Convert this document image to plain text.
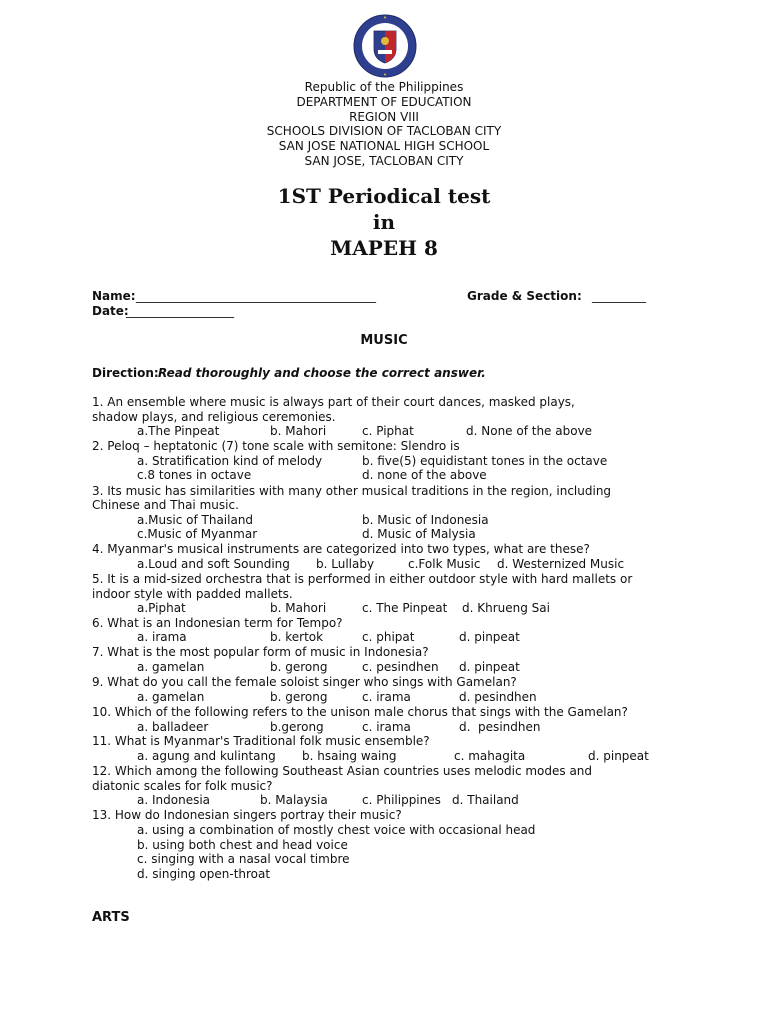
Republic of the Philippines
DEPARTMENT OF EDUCATION
REGION VIII
SCHOOLS DIVISION OF TACLOBAN CITY
SAN JOSE NATIONAL HIGH SCHOOL
SAN JOSE, TACLOBAN CITY
1ST Periodical test
in
MAPEH 8
Name: ________________________________________	Grade & Section: _________
Date:
__________________
MUSIC
Direction: Read thoroughly and choose the correct answer.
1. An ensemble where music is always part of their court dances, masked plays,
shadow plays, and religious ceremonies.
a.The Pinpeat	b. Mahori	c. Piphat	d. None of the above
2. Peloq – heptatonic (7) tone scale with semitone: Slendro is
a. Stratification kind of melody	b. five(5) equidistant tones in the octave
c.8 tones in octave	d. none of the above
3. Its music has similarities with many other musical traditions in the region, including
Chinese and Thai music.
a.Music of Thailand	b. Music of Indonesia
c.Music of Myanmar	d. Music of Malysia
4. Myanmar's musical instruments are categorized into two types, what are these?
a.Loud and soft Sounding b. Lullaby	c.Folk Music d. Westernized Music
5. It is a mid-sized orchestra that is performed in either outdoor style with hard mallets or
indoor style with padded mallets.
a.Piphat	b. Mahori	c. The Pinpeat d. Khrueng Sai
6. What is an Indonesian term for Tempo?
a. irama	b. kertok	c. phipat	d. pinpeat
7. What is the most popular form of music in Indonesia?
a. gamelan	b. gerong	c. pesindhen d. pinpeat
9. What do you call the female soloist singer who sings with Gamelan?
a. gamelan	b. gerong	c. irama	d. pesindhen
10. Which of the following refers to the unison male chorus that sings with the Gamelan?
a. balladeer	b.gerong	c. irama	d.  pesindhen
11. What is Myanmar's Traditional folk music ensemble?
a. agung and kulintang b. hsaing waing	c. mahagita	d. pinpeat
12. Which among the following Southeast Asian countries uses melodic modes and
diatonic scales for folk music?
a. Indonesia	b. Malaysia	c. Philippines d. Thailand
13. How do Indonesian singers portray their music?
a. using a combination of mostly chest voice with occasional head
b. using both chest and head voice
c. singing with a nasal vocal timbre
d. singing open-throat
ARTS
